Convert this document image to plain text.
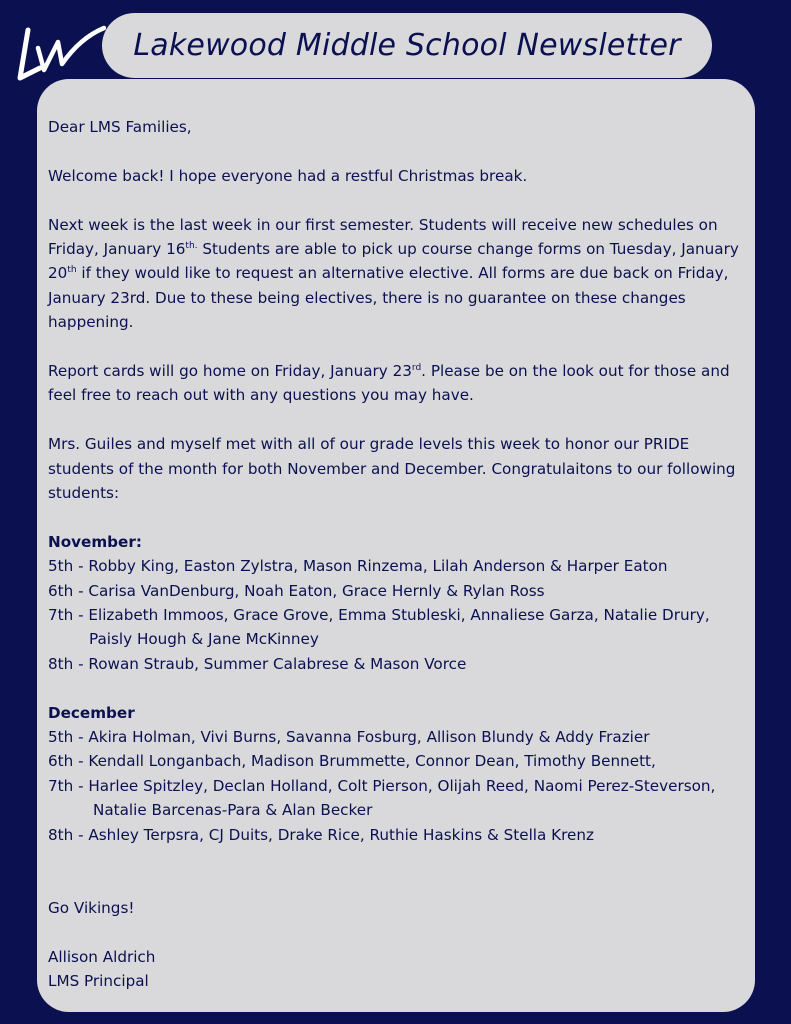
Lakewood Middle School Newsletter

Dear LMS Families,

Welcome back! I hope everyone had a restful Christmas break.

Next week is the last week in our first semester. Students will receive new schedules on Friday, January $16^{th.}$ Students are able to pick up course change forms on Tuesday, January 20th if they would like to request an alternative elective. All forms are due back on Friday, January 23rd. Due to these being electives, there is no guarantee on these changes happening.

Report cards will go home on Friday, January 23rd. Please be on the look out for those and feel free to reach out with any questions you may have.

Mrs. Guiles and myself met with all of our grade levels this week to honor our PRIDE students of the month for both November and December. Congratulaitons to our following students:

November:

5th - Robby King, Easton Zylstra, Mason Rinzema, Lilah Anderson & Harper Eaton

6th - Carisa VanDenburg, Noah Eaton, Grace Hernly & Rylan Ross

7th - Elizabeth Immoos, Grace Grove, Emma Stubleski, Annaliese Garza, Natalie Drury,

Paisly Hough & Jane McKinney

8th - Rowan Straub, Summer Calabrese & Mason Vorce

December

5th - Akira Holman, Vivi Burns, Savanna Fosburg, Allison Blundy & Addy Frazier

6th - Kendall Longanbach, Madison Brummette, Connor Dean, Timothy Bennett,

7th - Harlee Spitzley, Declan Holland, Colt Pierson, Olijah Reed, Naomi Perez-Steverson,

Natalie Barcenas-Para & Alan Becker

8th - Ashley Terpsra, CJ Duits, Drake Rice, Ruthie Haskins & Stella Krenz

Go Vikings!

Allison Aldrich

LMS Principal
